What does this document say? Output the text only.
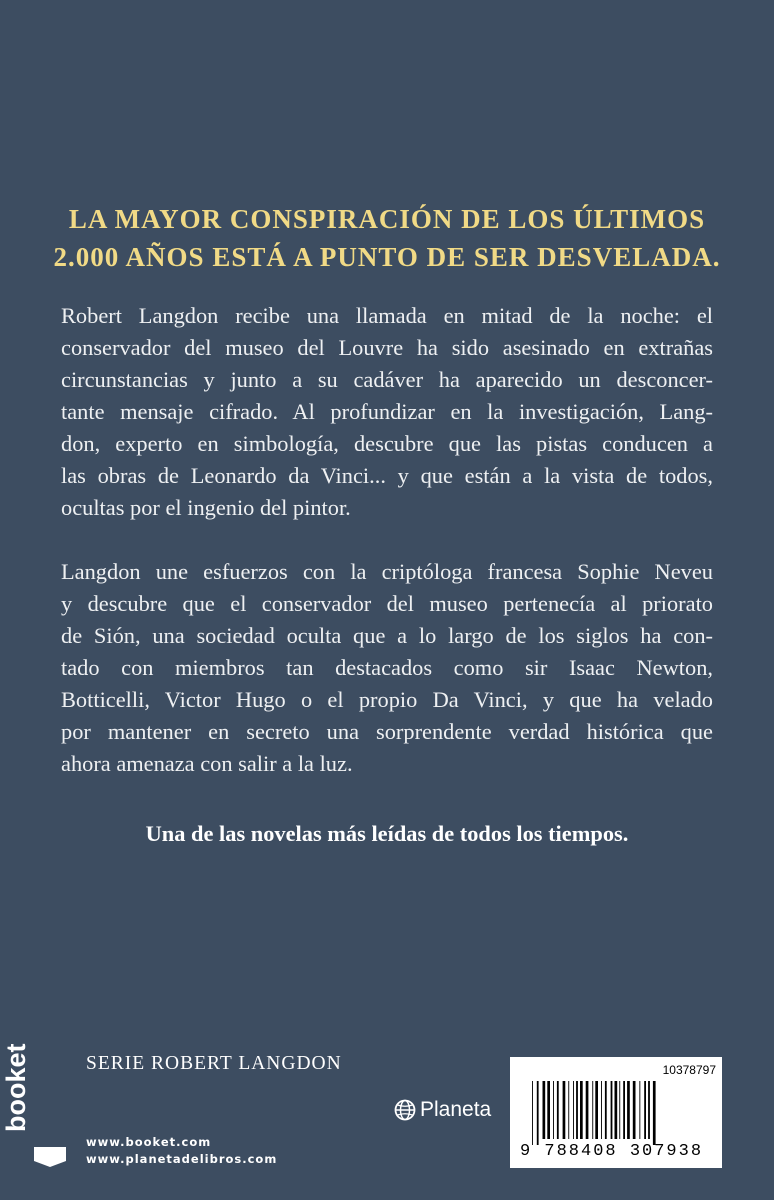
LA MAYOR CONSPIRACIÓN DE LOS ÚLTIMOS
2.000 AÑOS ESTÁ A PUNTO DE SER DESVELADA.
Robert Langdon recibe una llamada en mitad de la noche: el
conservador del museo del Louvre ha sido asesinado en extrañas
circunstancias y junto a su cadáver ha aparecido un desconcer-
tante mensaje cifrado. Al profundizar en la investigación, Lang-
don, experto en simbología, descubre que las pistas conducen a
las obras de Leonardo da Vinci... y que están a la vista de todos,
ocultas por el ingenio del pintor.
Langdon une esfuerzos con la criptóloga francesa Sophie Neveu
y descubre que el conservador del museo pertenecía al priorato
de Sión, una sociedad oculta que a lo largo de los siglos ha con-
tado con miembros tan destacados como sir Isaac Newton,
Botticelli, Victor Hugo o el propio Da Vinci, y que ha velado
por mantener en secreto una sorprendente verdad histórica que
ahora amenaza con salir a la luz.
Una de las novelas más leídas de todos los tiempos.
booket	SERIE ROBERT LANGDON
www.booket.com
www.planetadelibros.com
Planeta
10378797
9 788408 307938
